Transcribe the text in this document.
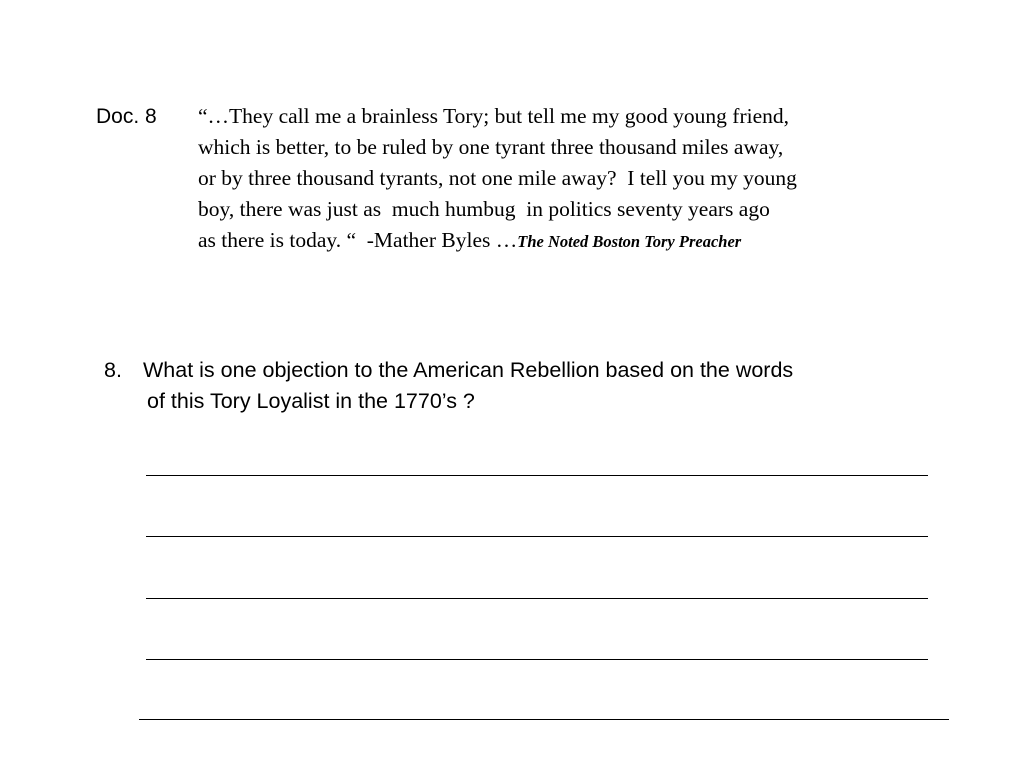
Doc. 8 “…They call me a brainless Tory; but tell me my good young friend,
which is better, to be ruled by one tyrant three thousand miles away,
or by three thousand tyrants, not one mile away?  I tell you my young
boy, there was just as  much humbug  in politics seventy years ago
as there is today. “  -Mather Byles …The Noted Boston Tory Preacher
8. What is one objection to the American Rebellion based on the words
of this Tory Loyalist in the 1770’s ?
